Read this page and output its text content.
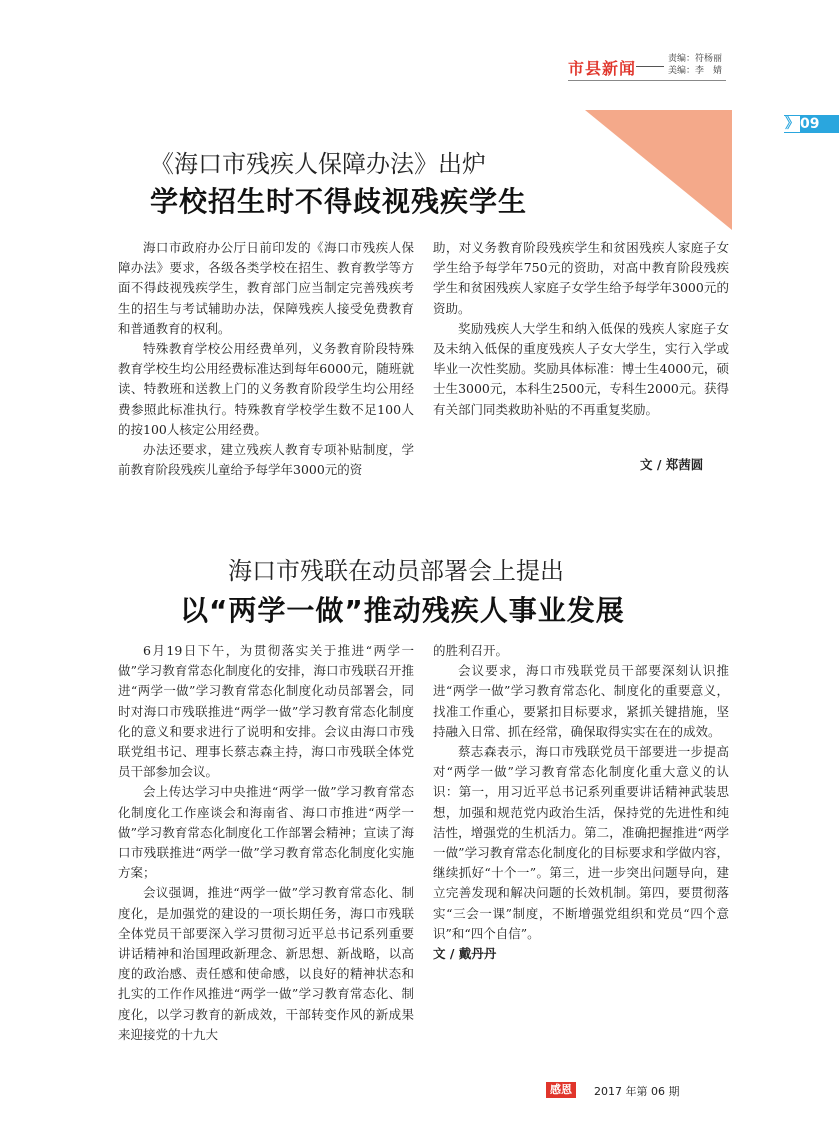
市县新闻	责编：符杨丽
美编：李　婧
》09
《海口市残疾人保障办法》出炉
学校招生时不得歧视残疾学生

海口市政府办公厅日前印发的《海口市残疾人保障办法》要求，各级各类学校在招生、教育教学等方面不得歧视残疾学生，教育部门应当制定完善残疾考生的招生与考试辅助办法，保障残疾人接受免费教育和普通教育的权利。

特殊教育学校公用经费单列，义务教育阶段特殊教育学校生均公用经费标准达到每年6000元，随班就读、特教班和送教上门的义务教育阶段学生均公用经费参照此标准执行。特殊教育学校学生数不足100人的按100人核定公用经费。

办法还要求，建立残疾人教育专项补贴制度，学前教育阶段残疾儿童给予每学年3000元的资

助，对义务教育阶段残疾学生和贫困残疾人家庭子女学生给予每学年750元的资助，对高中教育阶段残疾学生和贫困残疾人家庭子女学生给予每学年3000元的资助。

奖励残疾人大学生和纳入低保的残疾人家庭子女及未纳入低保的重度残疾人子女大学生，实行入学或毕业一次性奖励。奖励具体标准：博士生4000元，硕士生3000元，本科生2500元，专科生2000元。获得有关部门同类救助补贴的不再重复奖励。

文 / 郑茜圆
海口市残联在动员部署会上提出
以“两学一做”推动残疾人事业发展

6月19日下午，为贯彻落实关于推进“两学一做”学习教育常态化制度化的安排，海口市残联召开推进“两学一做”学习教育常态化制度化动员部署会，同时对海口市残联推进“两学一做”学习教育常态化制度化的意义和要求进行了说明和安排。会议由海口市残联党组书记、理事长蔡志森主持，海口市残联全体党员干部参加会议。

会上传达学习中央推进“两学一做”学习教育常态化制度化工作座谈会和海南省、海口市推进“两学一做”学习教育常态化制度化工作部署会精神；宣读了海口市残联推进“两学一做”学习教育常态化制度化实施方案；

会议强调，推进“两学一做”学习教育常态化、制度化，是加强党的建设的一项长期任务，海口市残联全体党员干部要深入学习贯彻习近平总书记系列重要讲话精神和治国理政新理念、新思想、新战略，以高度的政治感、责任感和使命感，以良好的精神状态和扎实的工作作风推进“两学一做”学习教育常态化、制度化，以学习教育的新成效，干部转变作风的新成果来迎接党的十九大

的胜利召开。

会议要求，海口市残联党员干部要深刻认识推进“两学一做”学习教育常态化、制度化的重要意义，找准工作重心，要紧扣目标要求，紧抓关键措施，坚持融入日常、抓在经常，确保取得实实在在的成效。

蔡志森表示，海口市残联党员干部要进一步提高对“两学一做”学习教育常态化制度化重大意义的认识：第一，用习近平总书记系列重要讲话精神武装思想，加强和规范党内政治生活，保持党的先进性和纯洁性，增强党的生机活力。第二，准确把握推进“两学一做”学习教育常态化制度化的目标要求和学做内容，继续抓好“十个一”。第三，进一步突出问题导向，建立完善发现和解决问题的长效机制。第四，要贯彻落实“三会一课”制度，不断增强党组织和党员“四个意识”和“四个自信”。

文 / 戴丹丹

感恩	2017 年第 06 期
